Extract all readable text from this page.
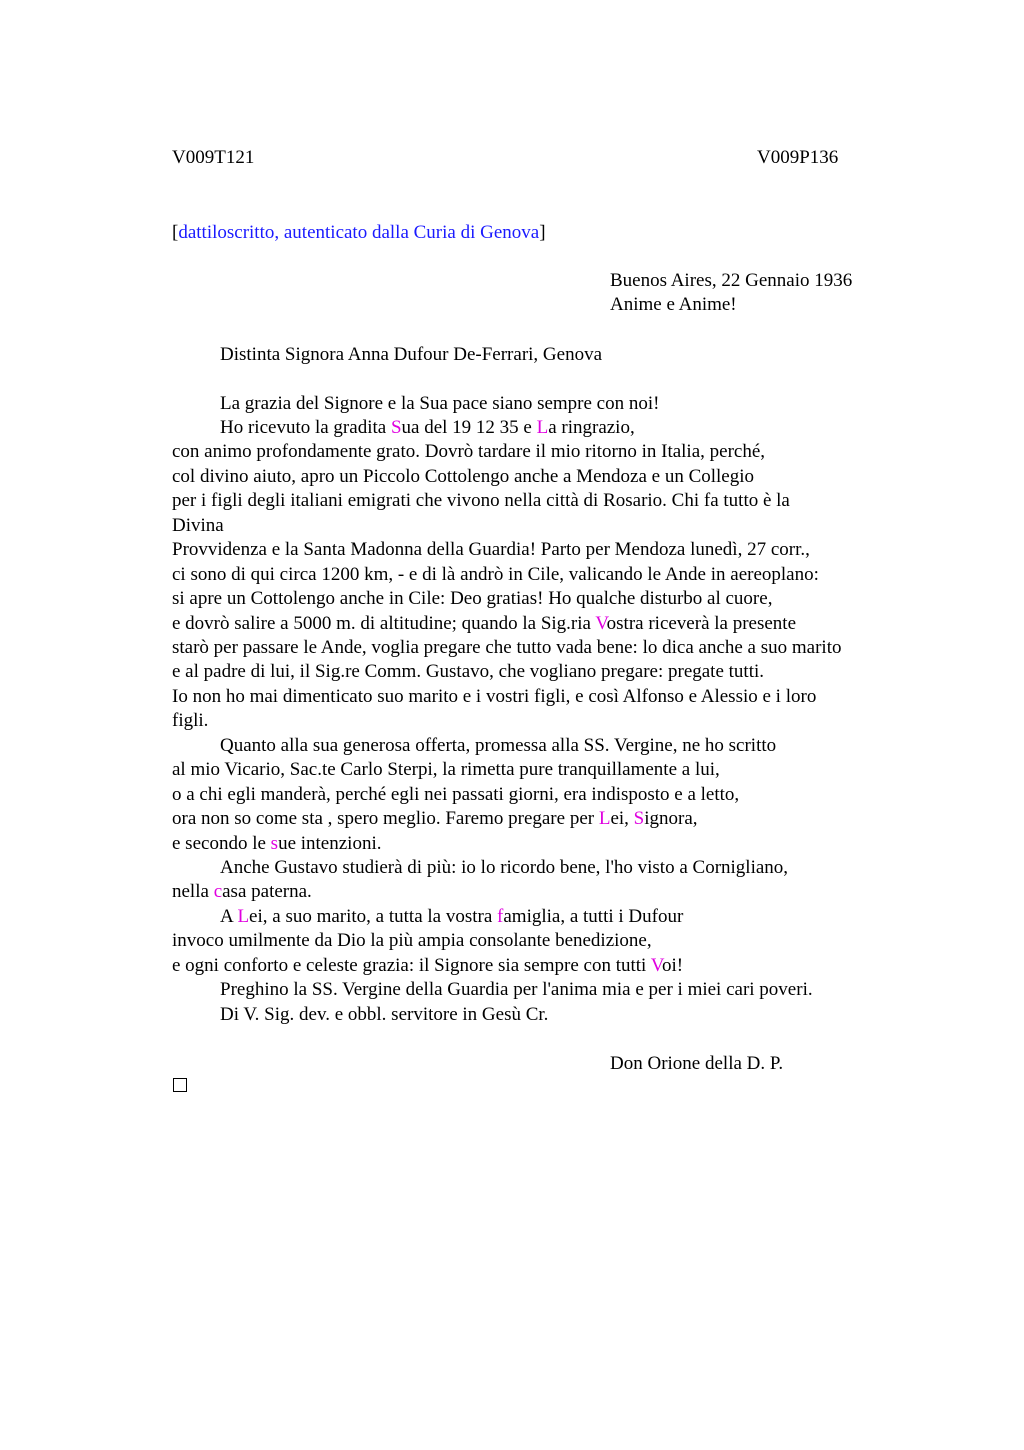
V009T121	V009P136
[dattiloscritto, autenticato dalla Curia di Genova]
Buenos Aires, 22 Gennaio 1936
Anime e Anime!
Distinta Signora Anna Dufour De-Ferrari, Genova
La grazia del Signore e la Sua pace siano sempre con noi!
Ho ricevuto la gradita Sua del 19 12 35 e La ringrazio,
con animo profondamente grato. Dovrò tardare il mio ritorno in Italia, perché,
col divino aiuto, apro un Piccolo Cottolengo anche a Mendoza e un Collegio
per i figli degli italiani emigrati che vivono nella città di Rosario. Chi fa tutto è la
Divina
Provvidenza e la Santa Madonna della Guardia! Parto per Mendoza lunedì, 27 corr.,
ci sono di qui circa 1200 km, - e di là andrò in Cile, valicando le Ande in aereoplano:
si apre un Cottolengo anche in Cile: Deo gratias! Ho qualche disturbo al cuore,
e dovrò salire a 5000 m. di altitudine; quando la Sig.ria Vostra riceverà la presente
starò per passare le Ande, voglia pregare che tutto vada bene: lo dica anche a suo marito
e al padre di lui, il Sig.re Comm. Gustavo, che vogliano pregare: pregate tutti.
Io non ho mai dimenticato suo marito e i vostri figli, e così Alfonso e Alessio e i loro
figli.
Quanto alla sua generosa offerta, promessa alla SS. Vergine, ne ho scritto
al mio Vicario, Sac.te Carlo Sterpi, la rimetta pure tranquillamente a lui,
o a chi egli manderà, perché egli nei passati giorni, era indisposto e a letto,
ora non so come sta , spero meglio. Faremo pregare per Lei, Signora,
e secondo le sue intenzioni.
Anche Gustavo studierà di più: io lo ricordo bene, l'ho visto a Cornigliano,
nella casa paterna.
A Lei, a suo marito, a tutta la vostra famiglia, a tutti i Dufour
invoco umilmente da Dio la più ampia consolante benedizione,
e ogni conforto e celeste grazia: il Signore sia sempre con tutti Voi!
Preghino la SS. Vergine della Guardia per l'anima mia e per i miei cari poveri.
Di V. Sig. dev. e obbl. servitore in Gesù Cr.
Don Orione della D. P.
